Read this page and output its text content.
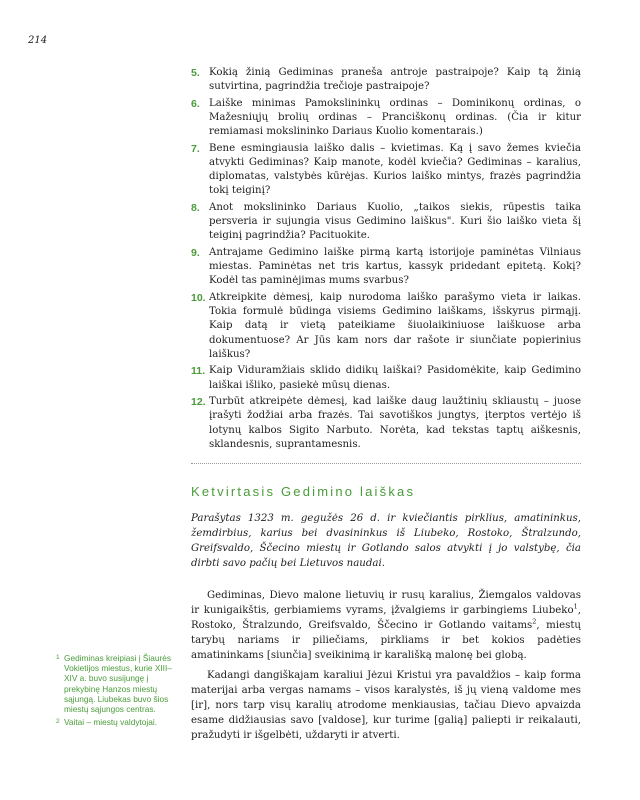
214
5. Kokią žinią Gediminas praneša antroje pastraipoje? Kaip tą žinią sutvirtina, pagrindžia trečioje pastraipoje?
6. Laiške minimas Pamokslininkų ordinas – Dominikonų ordinas, o Mažesniųjų brolių ordinas – Pranciškonų ordinas. (Čia ir kitur remiamasi mokslininko Dariaus Kuolio komentarais.)
7. Bene esmingiausia laiško dalis – kvietimas. Ką į savo žemes kviečia atvykti Gediminas? Kaip manote, kodėl kviečia? Gediminas – karalius, diplomatas, valstybės kūrėjas. Kurios laiško mintys, frazės pagrindžia tokį teiginį?
8. Anot mokslininko Dariaus Kuolio, „taikos siekis, rūpestis taika persveria ir sujungia visus Gedimino laiškus". Kuri šio laiško vieta šį teiginį pagrindžia? Pacituokite.
9. Antrajame Gedimino laiške pirmą kartą istorijoje paminėtas Vilniaus miestas. Paminėtas net tris kartus, kassyk pridedant epitetą. Kokį? Kodėl tas paminėjimas mums svarbus?
10. Atkreipkite dėmesį, kaip nurodoma laiško parašymo vieta ir laikas. Tokia formulė būdinga visiems Gedimino laiškams, išskyrus pirmąjį. Kaip datą ir vietą pateikiame šiuolaikiniuose laiškuose arba dokumentuose? Ar Jūs kam nors dar rašote ir siunčiate popierinius laiškus?
11. Kaip Viduramžiais sklido didikų laiškai? Pasidomėkite, kaip Gedimino laiškai išliko, pasiekė mūsų dienas.
12. Turbūt atkreipėte dėmesį, kad laiške daug laužtinių skliaustų – juose įrašyti žodžiai arba frazės. Tai savotiškos jungtys, įterptos vertėjo iš lotynų kalbos Sigito Narbuto. Norėta, kad tekstas taptų aiškesnis, sklandesnis, suprantamesnis.
Ketvirtasis Gedimino laiškas

Parašytas 1323 m. gegužės 26 d. ir kviečiantis pirklius, amatininkus, žemdirbius, karius bei dvasininkus iš Liubeko, Rostoko, Štralzundo, Greifsvaldo, Ščecino miestų ir Gotlando salos atvykti į jo valstybę, čia dirbti savo pačių bei Lietuvos naudai.

Gediminas, Dievo malone lietuvių ir rusų karalius, Žiemgalos valdovas ir kunigaikštis, gerbiamiems vyrams, įžvalgiems ir garbingiems Liubeko$^1$, Rostoko, Štralzundo, Greifsvaldo, Ščecino ir Gotlando vaitams$^2$, miestų tarybų nariams ir piliečiams, pirkliams ir bet kokios padėties amatininkams [siunčia] sveikinimą ir karališką malonę bei globą.

Kadangi dangiškajam karaliui Jėzui Kristui yra pavaldžios – kaip forma materijai arba vergas namams – visos karalystės, iš jų vieną valdome mes [ir], nors tarp visų karalių atrodome menkiausias, tačiau Dievo apvaizda esame didžiausias savo [valdose], kur turime [galią] paliepti ir reikalauti, pražudyti ir išgelbėti, uždaryti ir atverti.

1 Gediminas kreipiasi į Šiaurės Vokietijos miestus, kurie XIII–XIV a. buvo susijungę į prekybinę Hanzos miestų sąjungą. Liubekas buvo šios miestų sąjungos centras.
2 Vaitai – miestų valdytojai.
